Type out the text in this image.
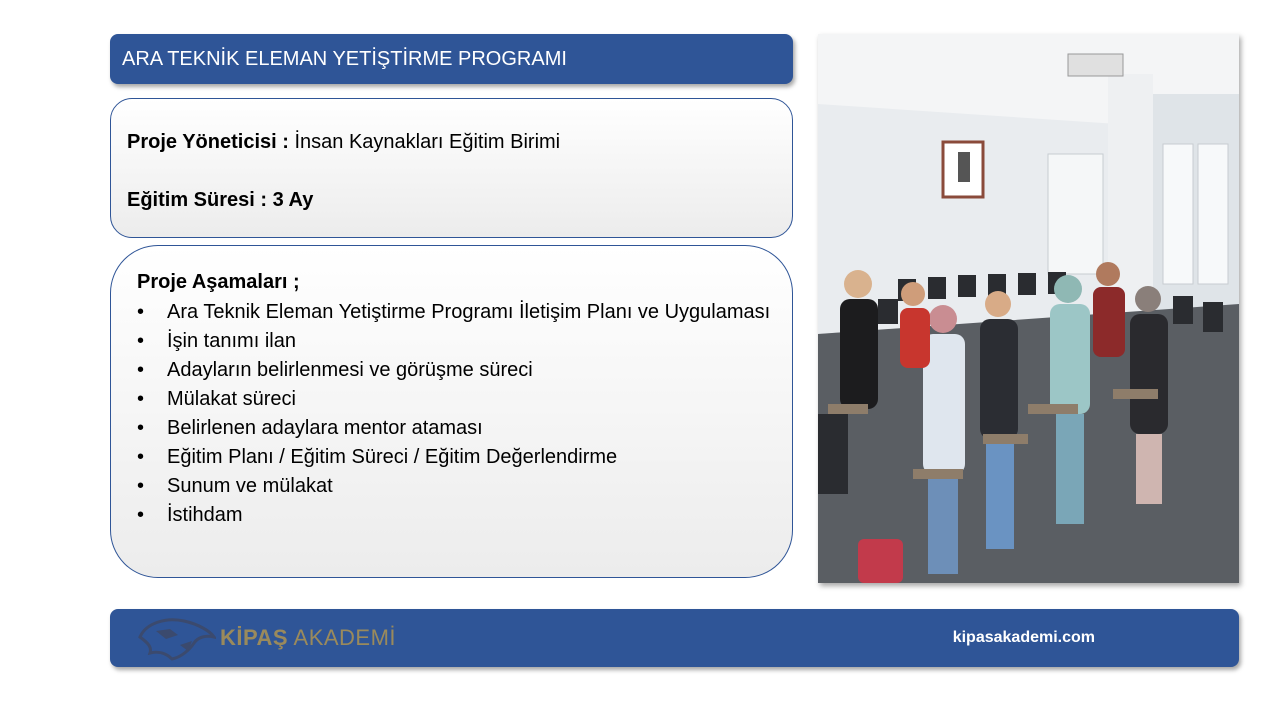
ARA TEKNİK ELEMAN YETİŞTİRME PROGRAMI

Proje Yöneticisi : İnsan Kaynakları Eğitim Birimi

Eğitim Süresi : 3 Ay

Proje Aşamaları ;
• Ara Teknik Eleman Yetiştirme Programı İletişim Planı ve Uygulaması
• İşin tanımı ilan
• Adayların belirlenmesi ve görüşme süreci
• Mülakat süreci
• Belirlenen adaylara mentor ataması
• Eğitim Planı / Eğitim Süreci / Eğitim Değerlendirme
• Sunum ve mülakat
• İstihdam
KİPAŞ AKADEMİ	kipasakademi.com
